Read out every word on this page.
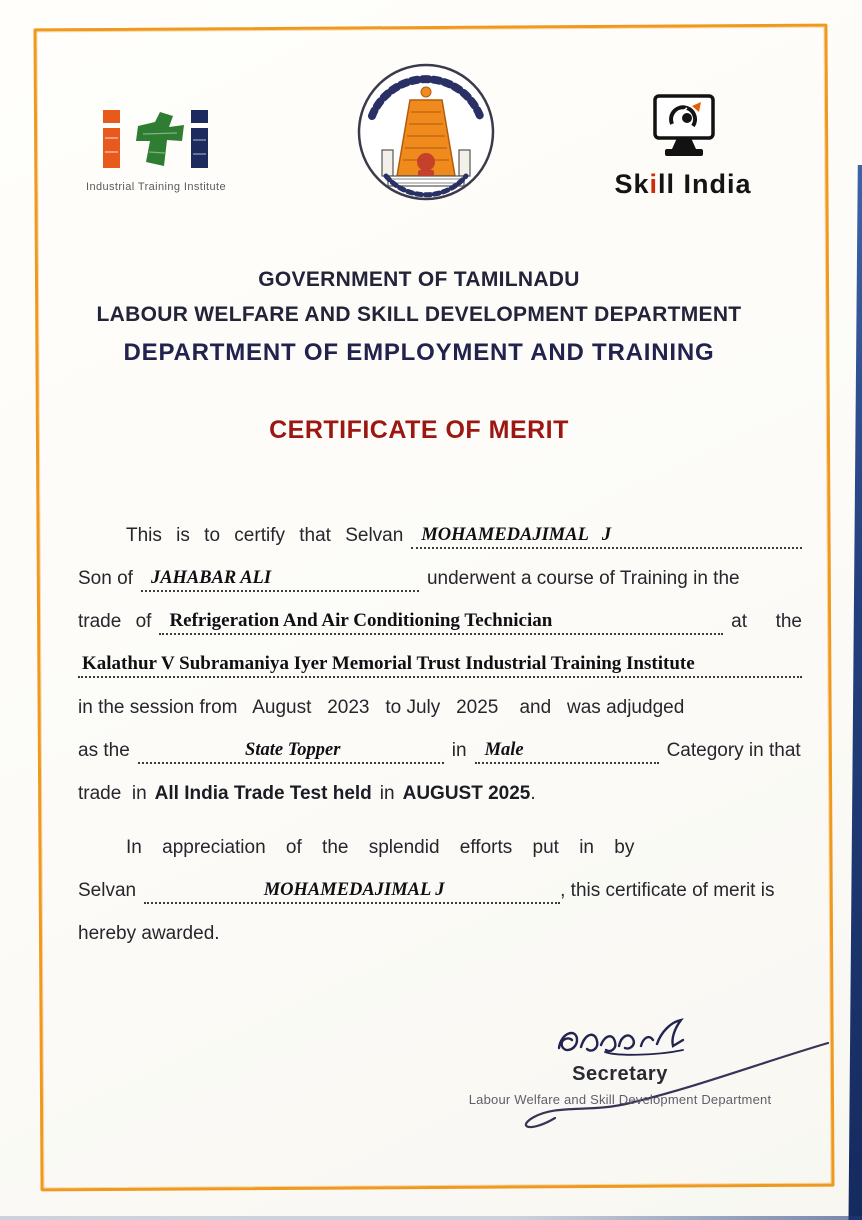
Industrial Training Institute	Skill India
GOVERNMENT OF TAMILNADU
LABOUR WELFARE AND SKILL DEVELOPMENT DEPARTMENT
DEPARTMENT OF EMPLOYMENT AND TRAINING
CERTIFICATE OF MERIT
This is to certify that Selvan MOHAMEDAJIMAL J
Son of JAHABAR ALI	underwent a course of Training in the
trade of Refrigeration And Air Conditioning Technician	at  the
Kalathur V Subramaniya Iyer Memorial Trust Industrial Training Institute
in the session from   August   2023   to July   2025    and   was adjudged
as the	State Topper	in Male	Category in that
trade  in All India Trade Test held in AUGUST 2025 .
In appreciation of the splendid efforts put in by
Selvan	MOHAMEDAJIMAL J	, this certificate of merit is
hereby awarded.
Secretary
Labour Welfare and Skill Development Department
